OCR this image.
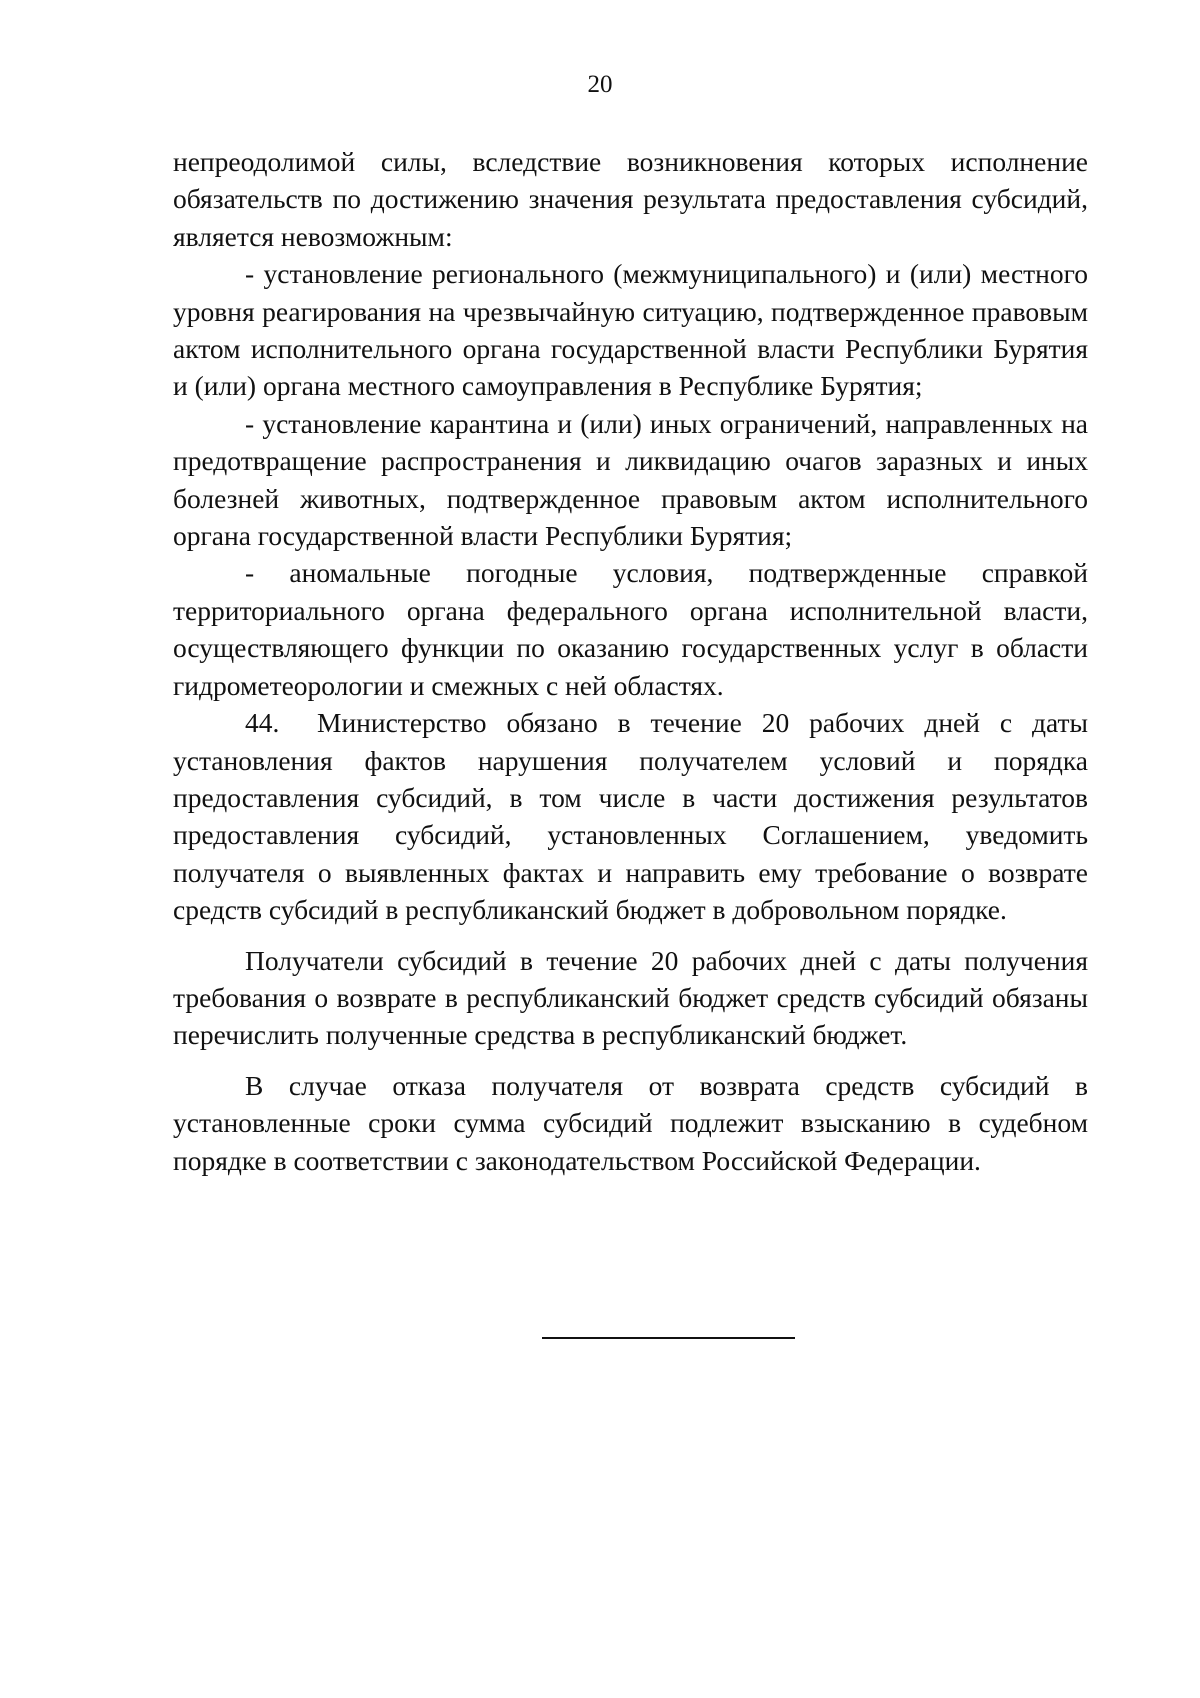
20

непреодолимой силы, вследствие возникновения которых исполнение обязательств по достижению значения результата предоставления субсидий, является невозможным:

- установление регионального (межмуниципального) и (или) местного уровня реагирования на чрезвычайную ситуацию, подтвержденное правовым актом исполнительного органа государственной власти Республики Бурятия и (или) органа местного самоуправления в Республике Бурятия;

- установление карантина и (или) иных ограничений, направленных на предотвращение распространения и ликвидацию очагов заразных и иных болезней животных, подтвержденное правовым актом исполнительного органа государственной власти Республики Бурятия;

- аномальные погодные условия, подтвержденные справкой территориального органа федерального органа исполнительной власти, осуществляющего функции по оказанию государственных услуг в области гидрометеорологии и смежных с ней областях.

44. Министерство обязано в течение 20 рабочих дней с даты установления фактов нарушения получателем условий и порядка предоставления субсидий, в том числе в части достижения результатов предоставления субсидий, установленных Соглашением, уведомить получателя о выявленных фактах и направить ему требование о возврате средств субсидий в республиканский бюджет в добровольном порядке.

Получатели субсидий в течение 20 рабочих дней с даты получения требования о возврате в республиканский бюджет средств субсидий обязаны перечислить полученные средства в республиканский бюджет.

В случае отказа получателя от возврата средств субсидий в установленные сроки сумма субсидий подлежит взысканию в судебном порядке в соответствии с законодательством Российской Федерации.
